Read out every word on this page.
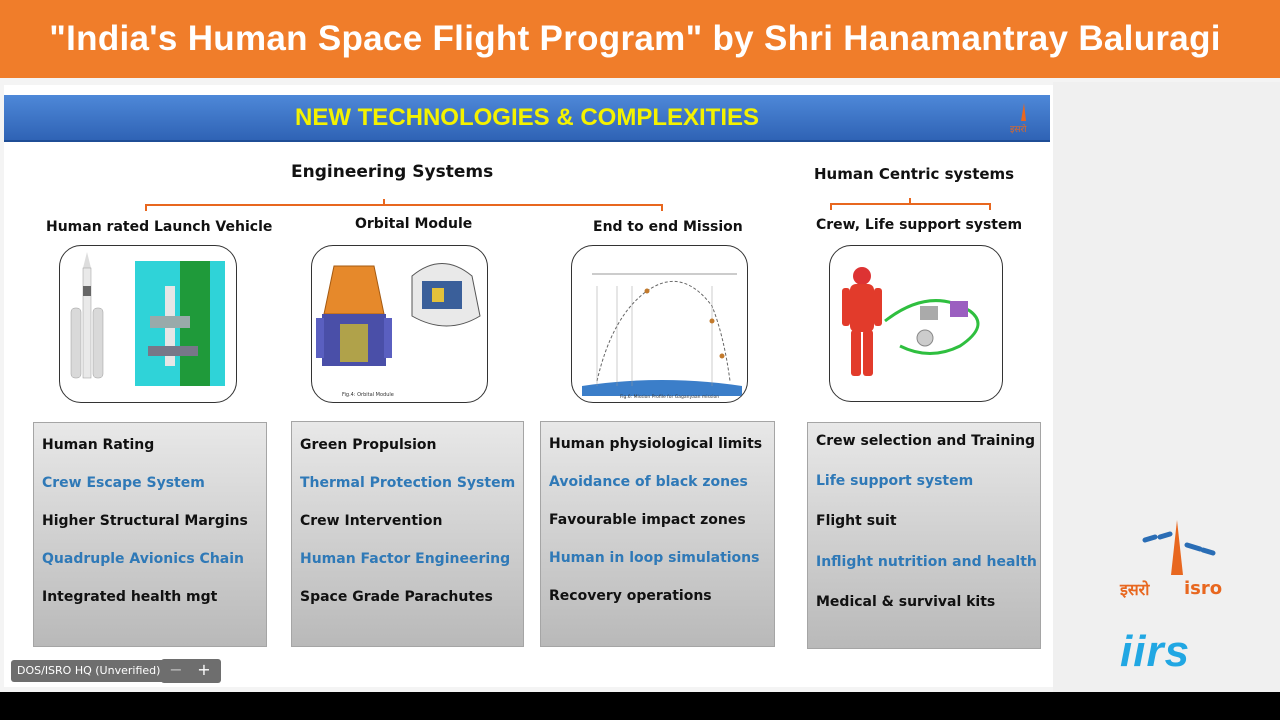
"India's Human Space Flight Program" by Shri Hanamantray Baluragi
NEW TECHNOLOGIES & COMPLEXITIES	इसरो
Engineering Systems	Human Centric systems
Human rated Launch Vehicle	Orbital Module	End to end Mission	Crew, Life support system
Fig.4: Orbital Module	Fig.6: Mission Profile for Gaganyaan mission
Human Rating
Crew Escape System
Higher Structural Margins
Quadruple Avionics Chain
Integrated health mgt
Green Propulsion
Thermal Protection System
Crew Intervention
Human Factor Engineering
Space Grade Parachutes
Human physiological limits
Avoidance of black zones
Favourable impact zones
Human in loop simulations
Recovery operations
Crew selection and Training
Life support system
Flight suit
Inflight nutrition and health
Medical & survival kits
DOS/ISRO HQ (Unverified) − +
इसरो isro
iirs
